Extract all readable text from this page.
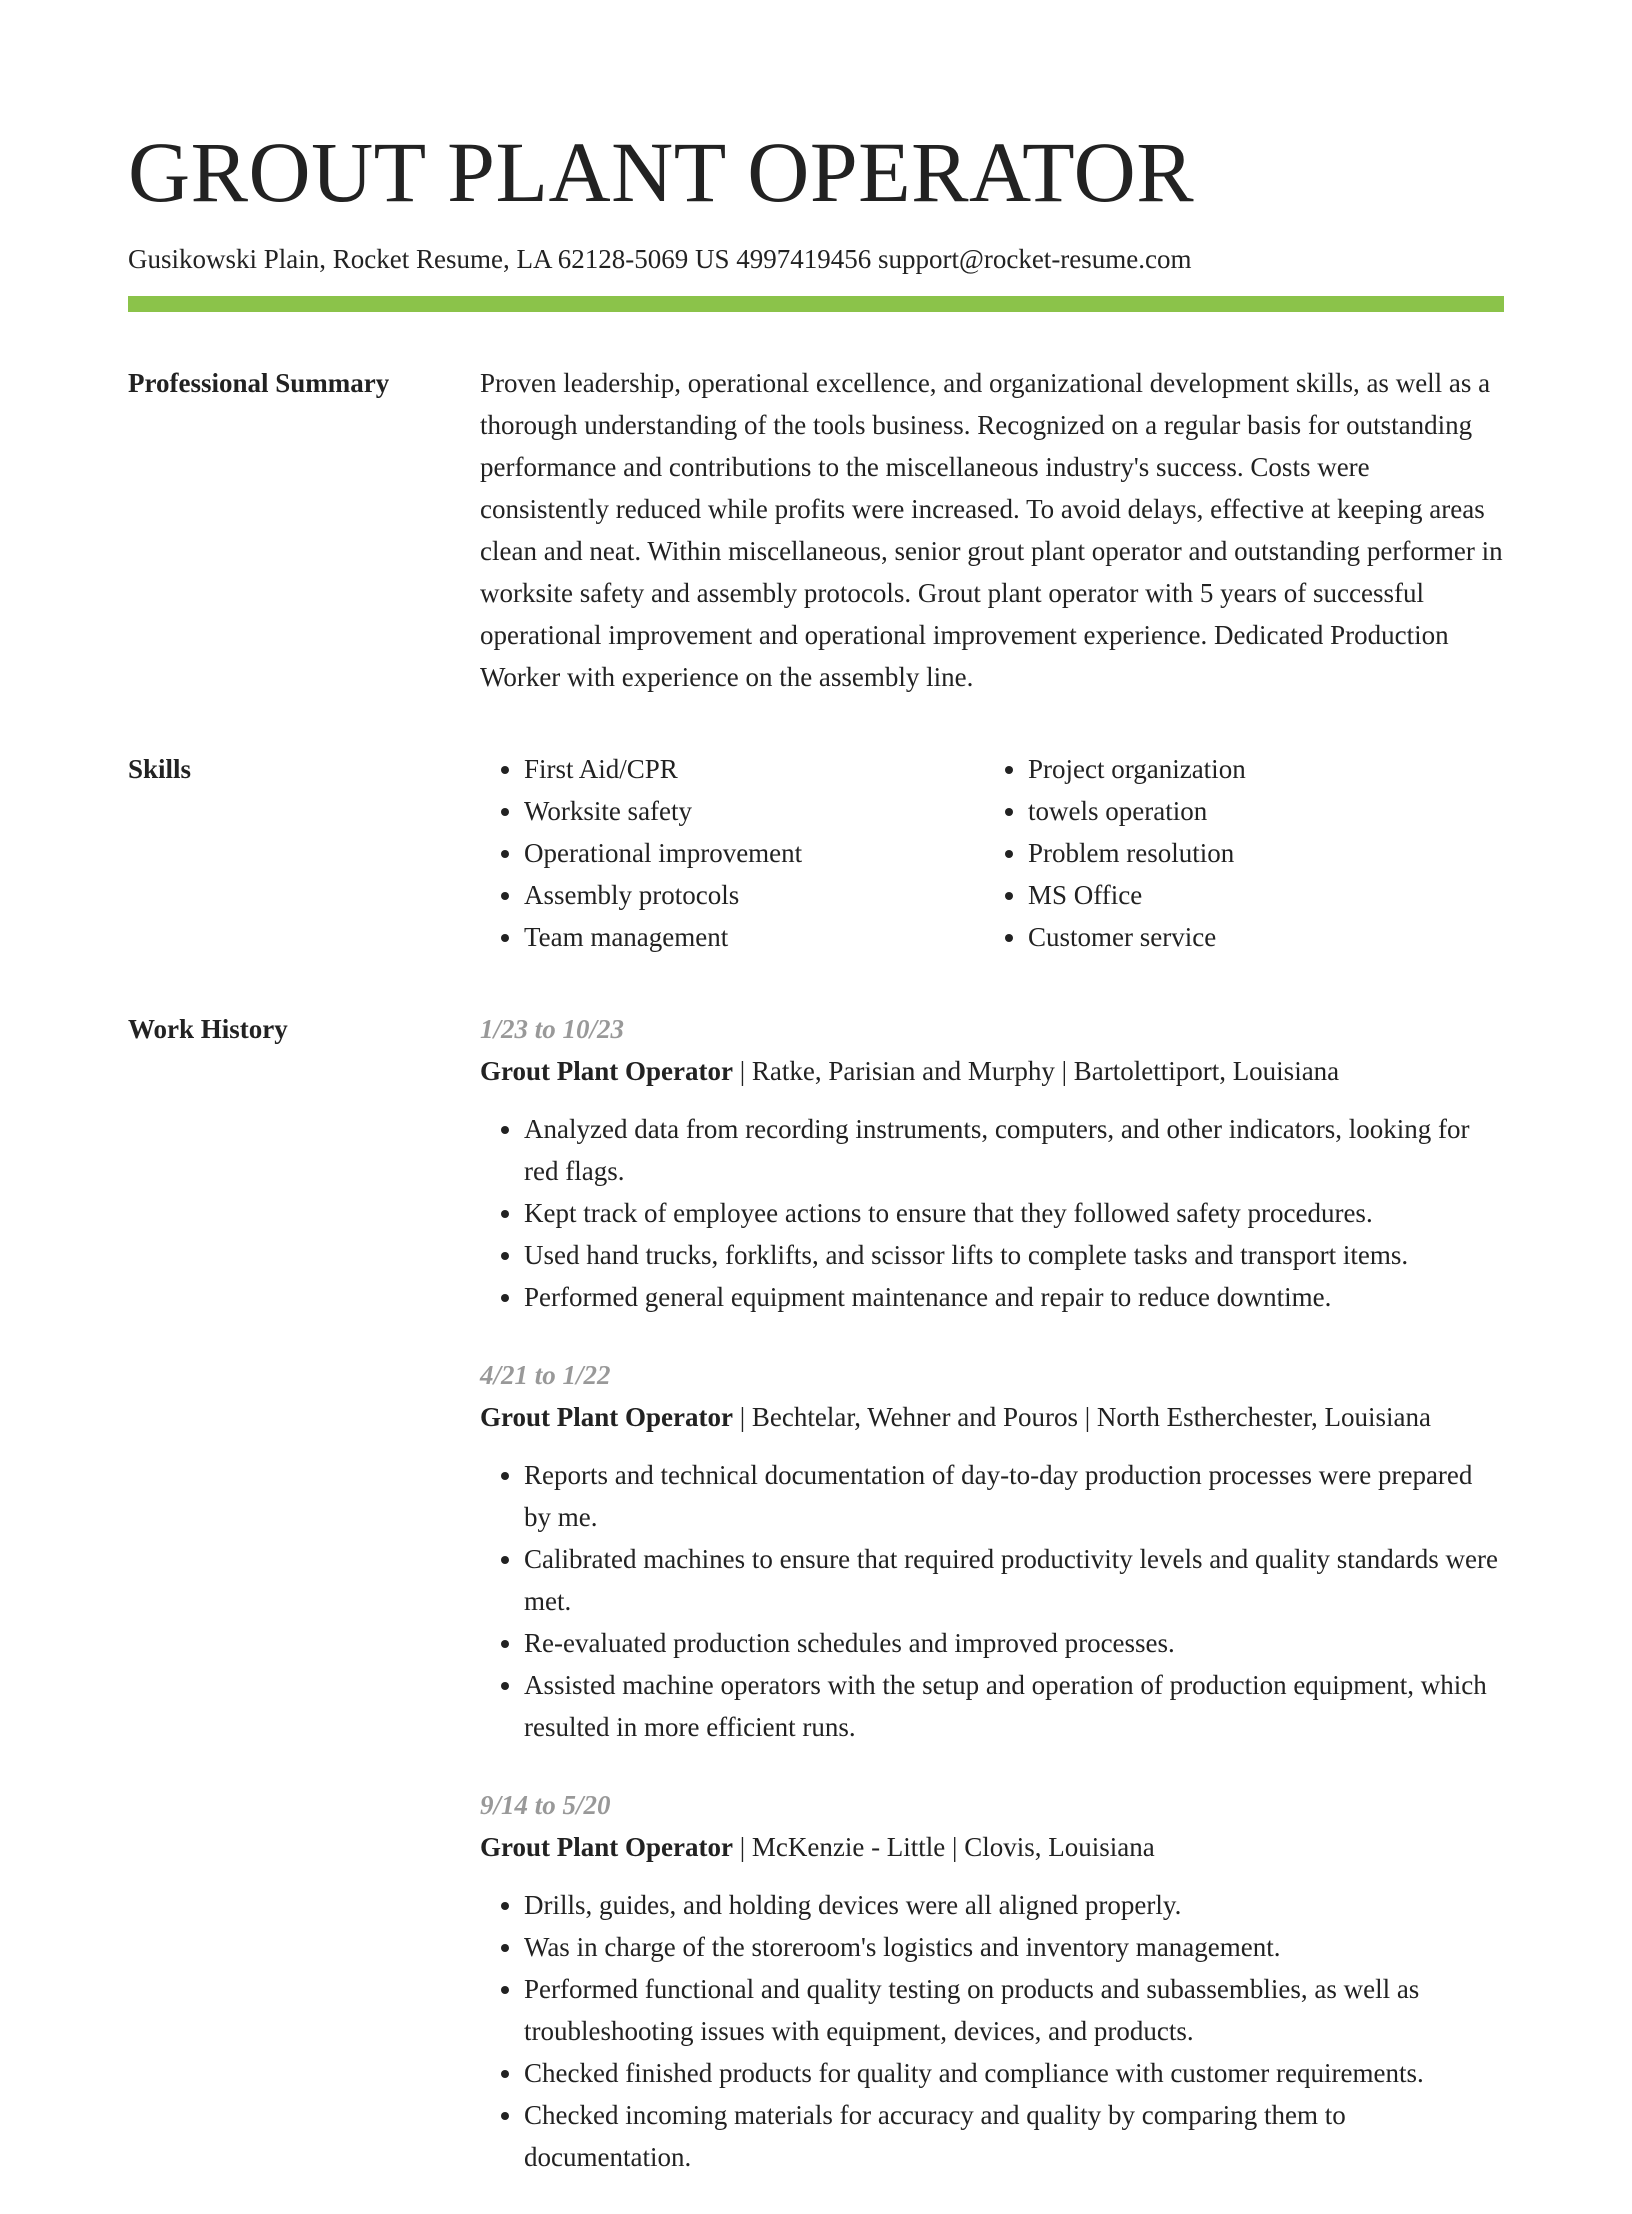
GROUT PLANT OPERATOR
Gusikowski Plain, Rocket Resume, LA 62128-5069 US 4997419456 support@rocket-resume.com
Professional Summary	Proven leadership, operational excellence, and organizational development skills, as well as a thorough understanding of the tools business. Recognized on a regular basis for outstanding performance and contributions to the miscellaneous industry's success. Costs were consistently reduced while profits were increased. To avoid delays, effective at keeping areas clean and neat. Within miscellaneous, senior grout plant operator and outstanding performer in worksite safety and assembly protocols. Grout plant operator with 5 years of successful operational improvement and operational improvement experience. Dedicated Production Worker with experience on the assembly line.

Skills
•	First Aid/CPR
• Worksite safety
• Operational improvement
• Assembly protocols
• Team management
• Project organization
• towels operation
• Problem resolution
• MS Office
• Customer service
Work History	1/23 to 10/23
Grout Plant Operator | Ratke, Parisian and Murphy | Bartolettiport, Louisiana
• Analyzed data from recording instruments, computers, and other indicators, looking for red flags.
• Kept track of employee actions to ensure that they followed safety procedures.
• Used hand trucks, forklifts, and scissor lifts to complete tasks and transport items.
• Performed general equipment maintenance and repair to reduce downtime.
4/21 to 1/22
Grout Plant Operator | Bechtelar, Wehner and Pouros | North Estherchester, Louisiana
• Reports and technical documentation of day-to-day production processes were prepared by me.
• Calibrated machines to ensure that required productivity levels and quality standards were met.
• Re-evaluated production schedules and improved processes.
• Assisted machine operators with the setup and operation of production equipment, which resulted in more efficient runs.
9/14 to 5/20
Grout Plant Operator | McKenzie - Little | Clovis, Louisiana
• Drills, guides, and holding devices were all aligned properly.
• Was in charge of the storeroom's logistics and inventory management.
• Performed functional and quality testing on products and subassemblies, as well as troubleshooting issues with equipment, devices, and products.
• Checked finished products for quality and compliance with customer requirements.
• Checked incoming materials for accuracy and quality by comparing them to documentation.
